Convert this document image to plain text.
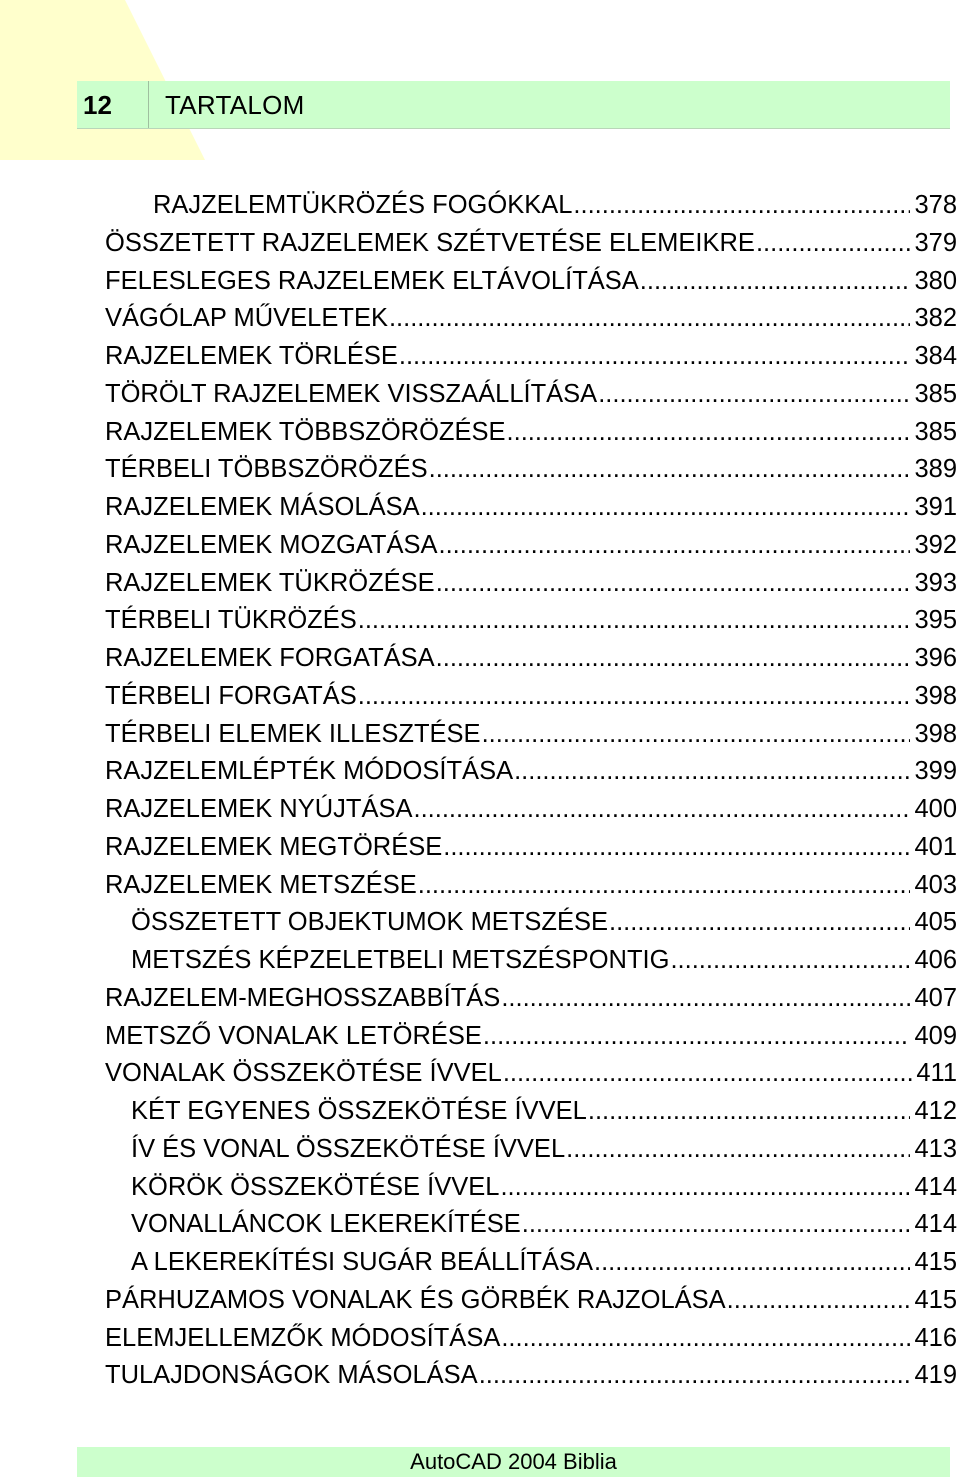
12	TARTALOM
RAJZELEMTÜKRÖZÉS FOGÓKKAL .....	378
ÖSSZETETT RAJZELEMEK SZÉTVETÉSE ELEMEIKRE .....	379
FELESLEGES RAJZELEMEK ELTÁVOLÍTÁSA .....	380
VÁGÓLAP MŰVELETEK .....	382
RAJZELEMEK TÖRLÉSE .....	384
TÖRÖLT RAJZELEMEK VISSZAÁLLÍTÁSA .....	385
RAJZELEMEK TÖBBSZÖRÖZÉSE .....	385
TÉRBELI TÖBBSZÖRÖZÉS .....	389
RAJZELEMEK MÁSOLÁSA .....	391
RAJZELEMEK MOZGATÁSA .....	392
RAJZELEMEK TÜKRÖZÉSE .....	393
TÉRBELI TÜKRÖZÉS .....	395
RAJZELEMEK FORGATÁSA .....	396
TÉRBELI FORGATÁS .....	398
TÉRBELI ELEMEK ILLESZTÉSE .....	398
RAJZELEMLÉPTÉK MÓDOSÍTÁSA .....	399
RAJZELEMEK NYÚJTÁSA .....	400
RAJZELEMEK MEGTÖRÉSE .....	401
RAJZELEMEK METSZÉSE .....	403
ÖSSZETETT OBJEKTUMOK METSZÉSE .....	405
METSZÉS KÉPZELETBELI METSZÉSPONTIG .....	406
RAJZELEM-MEGHOSSZABBÍTÁS .....	407
METSZŐ VONALAK LETÖRÉSE .....	409
VONALAK ÖSSZEKÖTÉSE ÍVVEL .....	411
KÉT EGYENES ÖSSZEKÖTÉSE ÍVVEL .....	412
ÍV ÉS VONAL ÖSSZEKÖTÉSE ÍVVEL .....	413
KÖRÖK ÖSSZEKÖTÉSE ÍVVEL .....	414
VONALLÁNCOK LEKEREKÍTÉSE .....	414
A LEKEREKÍTÉSI SUGÁR BEÁLLÍTÁSA .....	415
PÁRHUZAMOS VONALAK ÉS GÖRBÉK RAJZOLÁSA .....	415
ELEMJELLEMZŐK MÓDOSÍTÁSA .....	416
TULAJDONSÁGOK MÁSOLÁSA .....	419
AutoCAD 2004 Biblia
